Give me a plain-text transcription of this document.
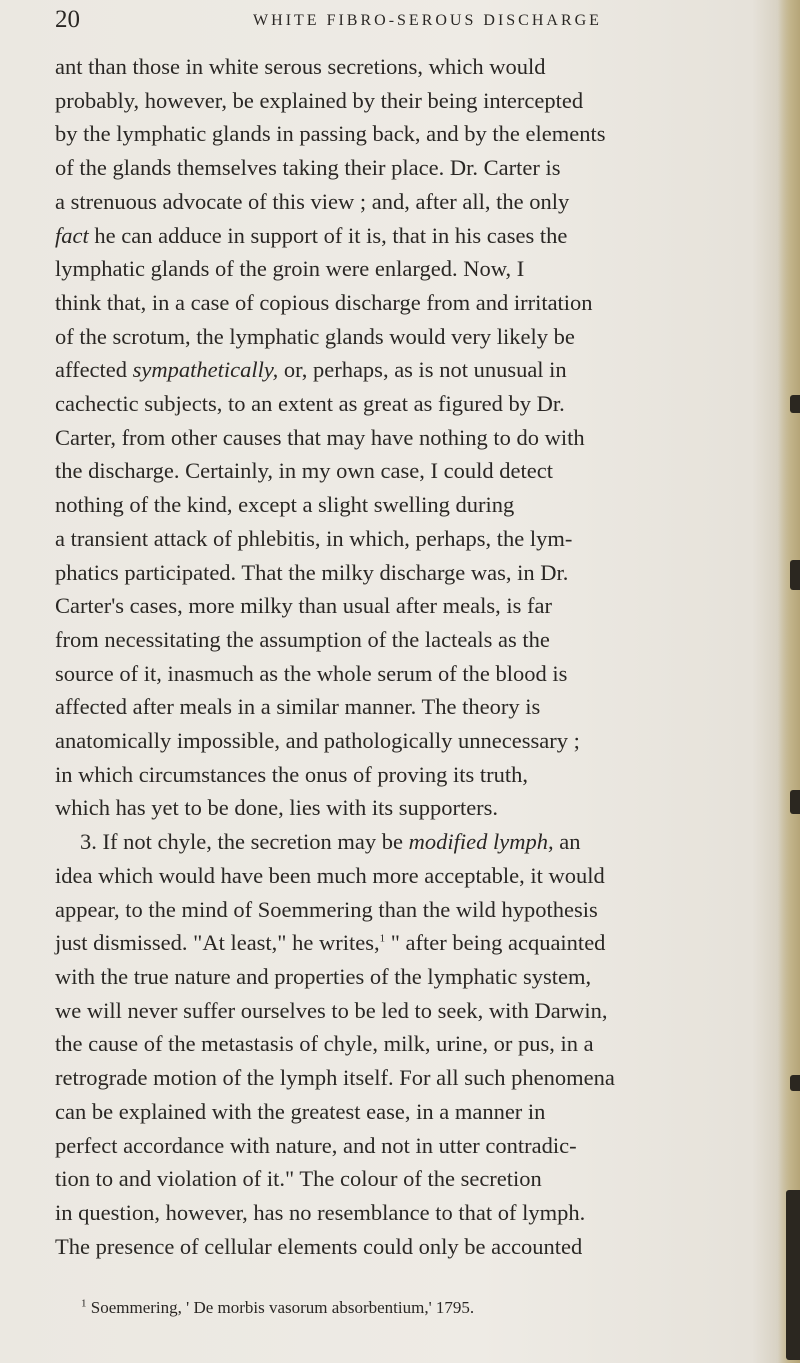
20	WHITE FIBRO-SEROUS DISCHARGE

ant than those in white serous secretions, which would
probably, however, be explained by their being intercepted
by the lymphatic glands in passing back, and by the elements
of the glands themselves taking their place. Dr. Carter is
a strenuous advocate of this view ; and, after all, the only
fact he can adduce in support of it is, that in his cases the
lymphatic glands of the groin were enlarged. Now, I
think that, in a case of copious discharge from and irritation
of the scrotum, the lymphatic glands would very likely be
affected sympathetically, or, perhaps, as is not unusual in
cachectic subjects, to an extent as great as figured by Dr.
Carter, from other causes that may have nothing to do with
the discharge. Certainly, in my own case, I could detect
nothing of the kind, except a slight swelling during
a transient attack of phlebitis, in which, perhaps, the lym-
phatics participated. That the milky discharge was, in Dr.
Carter's cases, more milky than usual after meals, is far
from necessitating the assumption of the lacteals as the
source of it, inasmuch as the whole serum of the blood is
affected after meals in a similar manner. The theory is
anatomically impossible, and pathologically unnecessary ;
in which circumstances the onus of proving its truth,
which has yet to be done, lies with its supporters.

3. If not chyle, the secretion may be modified lymph, an
idea which would have been much more acceptable, it would
appear, to the mind of Soemmering than the wild hypothesis
just dismissed. "At least," he writes,$^1$ " after being acquainted
with the true nature and properties of the lymphatic system,
we will never suffer ourselves to be led to seek, with Darwin,
the cause of the metastasis of chyle, milk, urine, or pus, in a
retrograde motion of the lymph itself. For all such phenomena
can be explained with the greatest ease, in a manner in
perfect accordance with nature, and not in utter contradic-
tion to and violation of it." The colour of the secretion
in question, however, has no resemblance to that of lymph.
The presence of cellular elements could only be accounted

$^1$ Soemmering, ' De morbis vasorum absorbentium,' 1795.
